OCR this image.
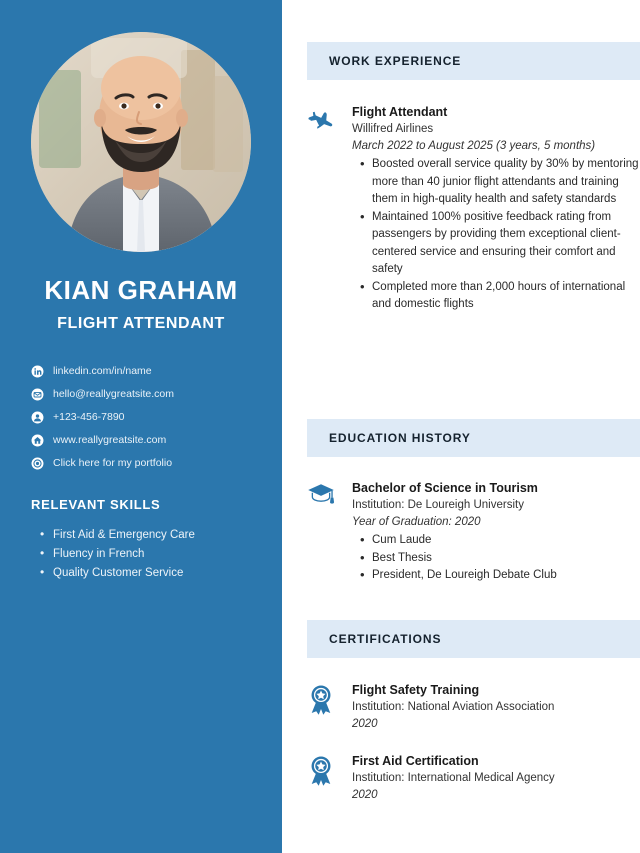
KIAN GRAHAM
FLIGHT ATTENDANT
linkedin.com/in/name
hello@reallygreatsite.com
+123-456-7890
www.reallygreatsite.com
Click here for my portfolio
RELEVANT SKILLS
• First Aid & Emergency Care
• Fluency in French
• Quality Customer Service
WORK EXPERIENCE
Flight Attendant
Willifred Airlines
March 2022 to August 2025 (3 years, 5 months)
• Boosted overall service quality by 30% by mentoring more than 40 junior flight attendants and training them in high-quality health and safety standards
• Maintained 100% positive feedback rating from passengers by providing them exceptional client-centered service and ensuring their comfort and safety
• Completed more than 2,000 hours of international and domestic flights
EDUCATION HISTORY
Bachelor of Science in Tourism
Institution: De Loureigh University
Year of Graduation: 2020
• Cum Laude
• Best Thesis
• President, De Loureigh Debate Club
CERTIFICATIONS
Flight Safety Training
Institution: National Aviation Association
2020
First Aid Certification
Institution: International Medical Agency
2020
